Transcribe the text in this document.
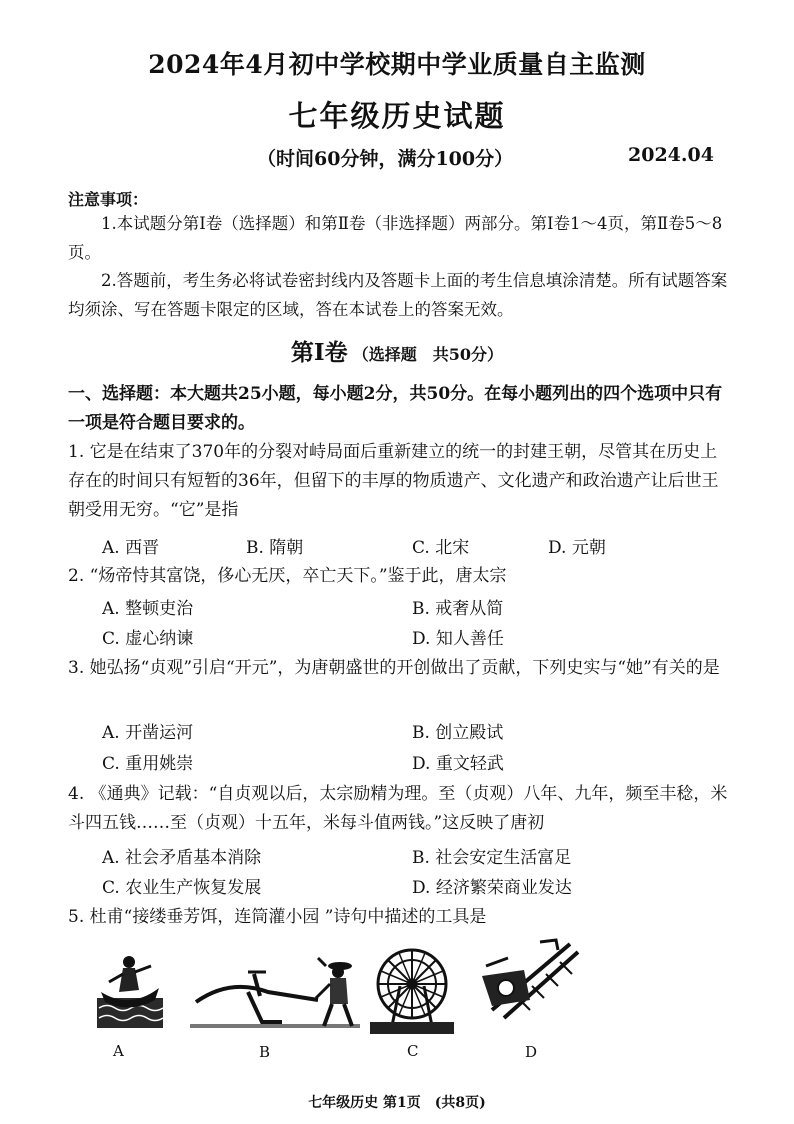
2024年4月初中学校期中学业质量自主监测
七年级历史试题
（时间60分钟，满分100分）	2024.04
注意事项：
1.本试题分第Ⅰ卷（选择题）和第Ⅱ卷（非选择题）两部分。第Ⅰ卷1～4页，第Ⅱ卷5～8页。
2.答题前，考生务必将试卷密封线内及答题卡上面的考生信息填涂清楚。所有试题答案均须涂、写在答题卡限定的区域，答在本试卷上的答案无效。
第Ⅰ卷 （选择题　共50分）
一、选择题：本大题共25小题，每小题2分，共50分。在每小题列出的四个选项中只有一项是符合题目要求的。
1. 它是在结束了370年的分裂对峙局面后重新建立的统一的封建王朝，尽管其在历史上存在的时间只有短暂的36年，但留下的丰厚的物质遗产、文化遗产和政治遗产让后世王朝受用无穷。“它”是指
A. 西晋	B. 隋朝	C. 北宋	D. 元朝
2. “炀帝恃其富饶，侈心无厌，卒亡天下。”鉴于此，唐太宗
A. 整顿吏治	B. 戒奢从简
C. 虚心纳谏	D. 知人善任
3. 她弘扬“贞观”引启“开元”，为唐朝盛世的开创做出了贡献，下列史实与“她”有关的是
A. 开凿运河	B. 创立殿试
C. 重用姚崇	D. 重文轻武
4. 《通典》记载：“自贞观以后，太宗励精为理。至（贞观）八年、九年，频至丰稔，米斗四五钱……至（贞观）十五年，米每斗值两钱。”这反映了唐初
A. 社会矛盾基本消除	B. 社会安定生活富足
C. 农业生产恢复发展	D. 经济繁荣商业发达
5. 杜甫“接缕垂芳饵，连筒灌小园 ”诗句中描述的工具是
A	B	C	D
七年级历史 第1页　(共8页)
